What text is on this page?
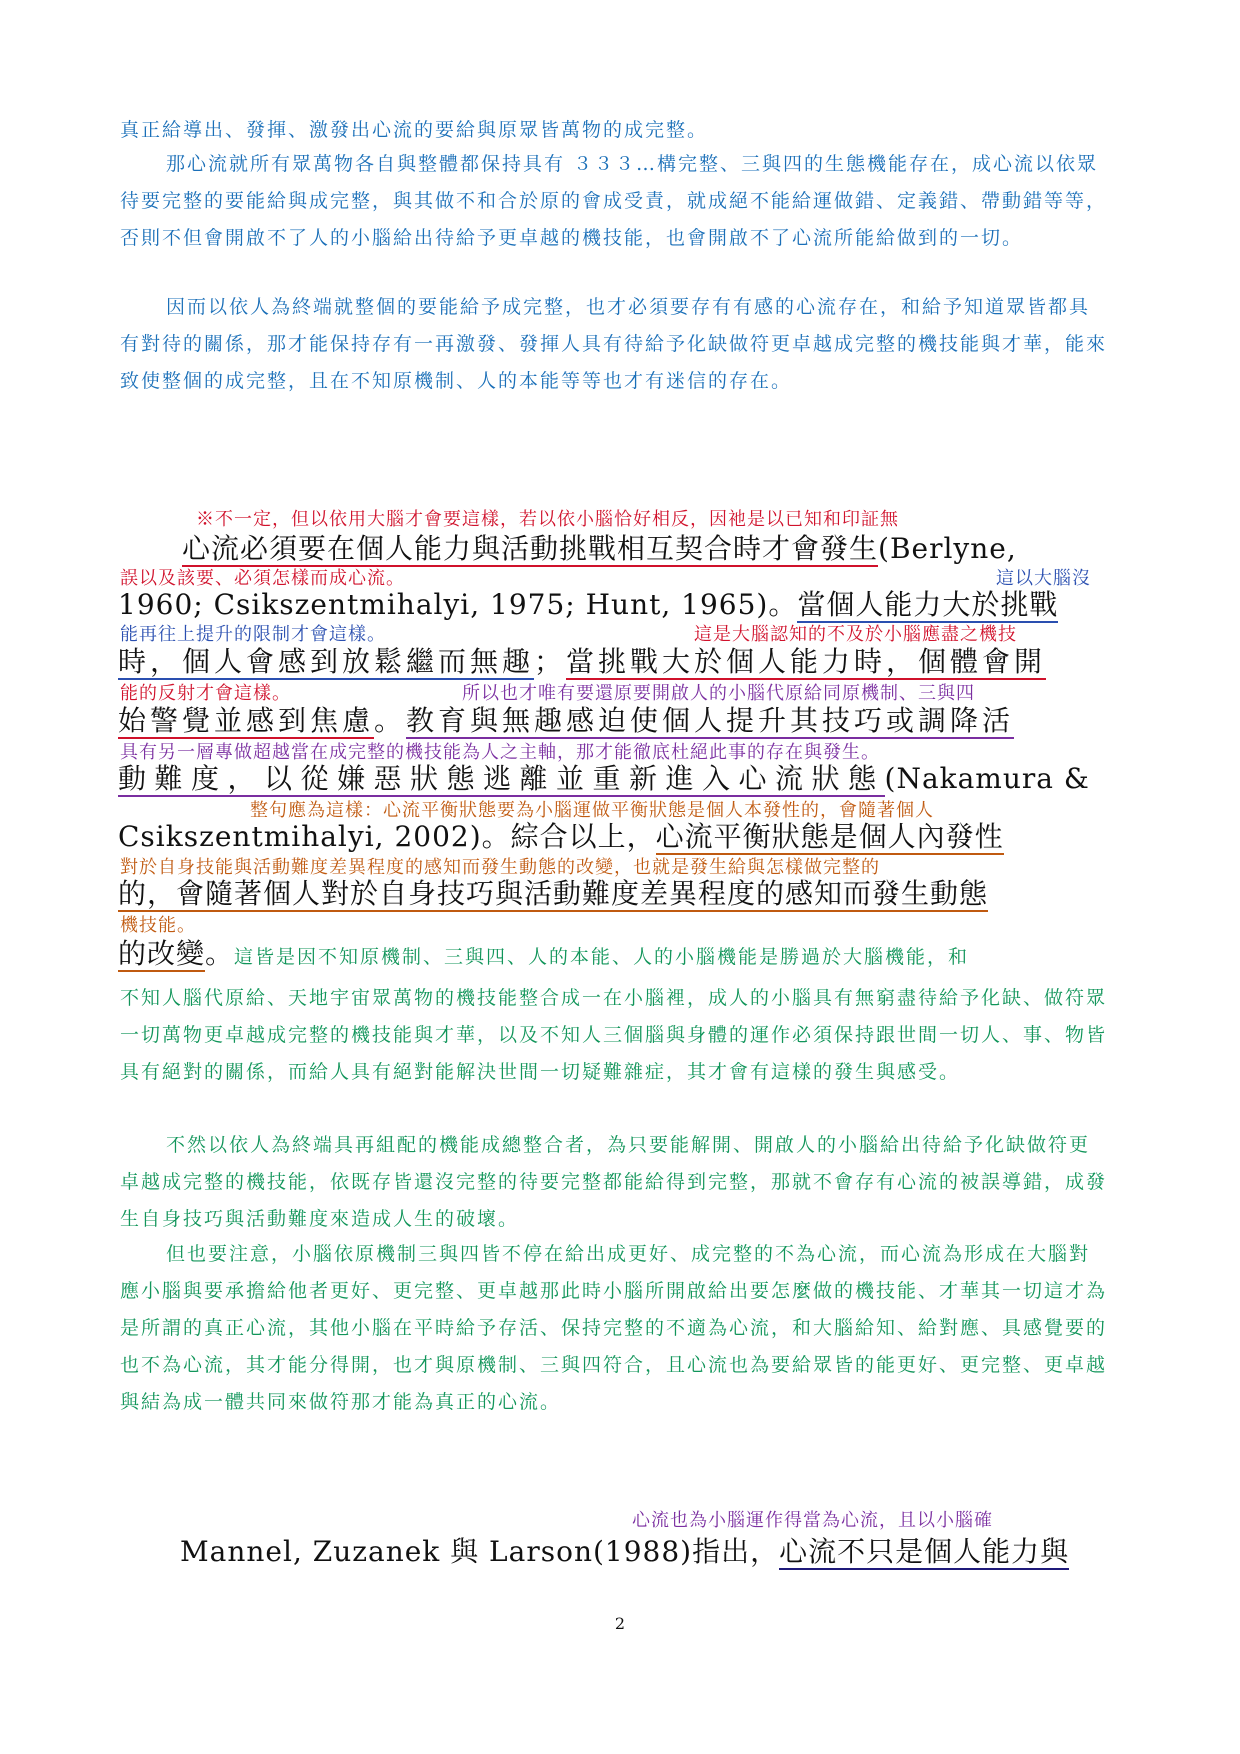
真正給導出、發揮、激發出心流的要給與原眾皆萬物的成完整。

那心流就所有眾萬物各自與整體都保持具有 ３３３…構完整、三與四的生態機能存在，成心流以依眾待要完整的要能給與成完整，與其做不和合於原的會成受責，就成絕不能給運做錯、定義錯、帶動錯等等，否則不但會開啟不了人的小腦給出待給予更卓越的機技能，也會開啟不了心流所能給做到的一切。

因而以依人為終端就整個的要能給予成完整，也才必須要存有有感的心流存在，和給予知道眾皆都具有對待的關係，那才能保持存有一再激發、發揮人具有待給予化缺做符更卓越成完整的機技能與才華，能來致使整個的成完整，且在不知原機制、人的本能等等也才有迷信的存在。

※不一定，但以依用大腦才會要這樣，若以依小腦恰好相反，因祂是以已知和印証無
心流必須要在個人能力與活動挑戰相互契合時才會發生(Berlyne,
誤以及該要、必須怎樣而成心流。	這以大腦沒
1960; Csikszentmihalyi, 1975; Hunt, 1965)。當個人能力大於挑戰
能再往上提升的限制才會這樣。	這是大腦認知的不及於小腦應盡之機技
時，個人會感到放鬆繼而無趣；當挑戰大於個人能力時，個體會開
能的反射才會這樣。	所以也才唯有要還原要開啟人的小腦代原給同原機制、三與四
始警覺並感到焦慮。教育與無趣感迫使個人提升其技巧或調降活
具有另一層專做超越當在成完整的機技能為人之主軸，那才能徹底杜絕此事的存在與發生。
動難度，以從嫌惡狀態逃離並重新進入心流狀態(Nakamura &
整句應為這樣：心流平衡狀態要為小腦運做平衡狀態是個人本發性的，會隨著個人
Csikszentmihalyi, 2002)。綜合以上，心流平衡狀態是個人內發性
對於自身技能與活動難度差異程度的感知而發生動態的改變，也就是發生給與怎樣做完整的
的，會隨著個人對於自身技巧與活動難度差異程度的感知而發生動態
機技能。
的改變。這皆是因不知原機制、三與四、人的本能、人的小腦機能是勝過於大腦機能，和

不知人腦代原給、天地宇宙眾萬物的機技能整合成一在小腦裡，成人的小腦具有無窮盡待給予化缺、做符眾一切萬物更卓越成完整的機技能與才華，以及不知人三個腦與身體的運作必須保持跟世間一切人、事、物皆具有絕對的關係，而給人具有絕對能解決世間一切疑難雜症，其才會有這樣的發生與感受。

不然以依人為終端具再組配的機能成總整合者，為只要能解開、開啟人的小腦給出待給予化缺做符更卓越成完整的機技能，依既存皆還沒完整的待要完整都能給得到完整，那就不會存有心流的被誤導錯，成發生自身技巧與活動難度來造成人生的破壞。

但也要注意，小腦依原機制三與四皆不停在給出成更好、成完整的不為心流，而心流為形成在大腦對應小腦與要承擔給他者更好、更完整、更卓越那此時小腦所開啟給出要怎麼做的機技能、才華其一切這才為是所謂的真正心流，其他小腦在平時給予存活、保持完整的不適為心流，和大腦給知、給對應、具感覺要的也不為心流，其才能分得開，也才與原機制、三與四符合，且心流也為要給眾皆的能更好、更完整、更卓越與結為成一體共同來做符那才能為真正的心流。

心流也為小腦運作得當為心流，且以小腦確
Mannel, Zuzanek 與 Larson(1988)指出，心流不只是個人能力與
2
